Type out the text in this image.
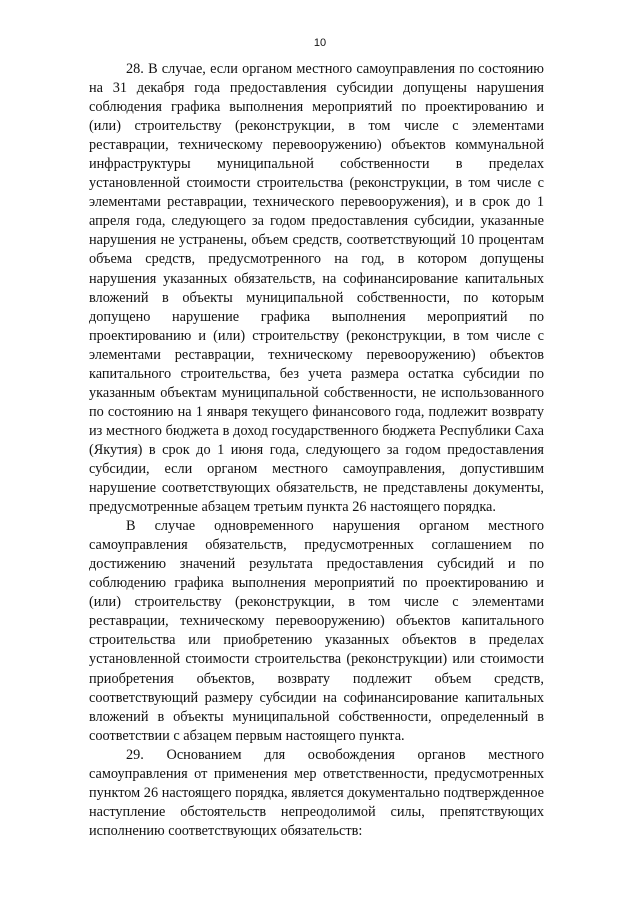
10

28. В случае, если органом местного самоуправления по состоянию на 31 декабря года предоставления субсидии допущены нарушения соблюдения графика выполнения мероприятий по проектированию и (или) строительству (реконструкции, в том числе с элементами реставрации, техническому перевооружению) объектов коммунальной инфраструктуры муниципальной собственности в пределах установленной стоимости строительства (реконструкции, в том числе с элементами реставрации, технического перевооружения), и в срок до 1 апреля года, следующего за годом предоставления субсидии, указанные нарушения не устранены, объем средств, соответствующий 10 процентам объема средств, предусмотренного на год, в котором допущены нарушения указанных обязательств, на софинансирование капитальных вложений в объекты муниципальной собственности, по которым допущено нарушение графика выполнения мероприятий по проектированию и (или) строительству (реконструкции, в том числе с элементами реставрации, техническому перевооружению) объектов капитального строительства, без учета размера остатка субсидии по указанным объектам муниципальной собственности, не использованного по состоянию на 1 января текущего финансового года, подлежит возврату из местного бюджета в доход государственного бюджета Республики Саха (Якутия) в срок до 1 июня года, следующего за годом предоставления субсидии, если органом местного самоуправления, допустившим нарушение соответствующих обязательств, не представлены документы, предусмотренные абзацем третьим пункта 26 настоящего порядка.

В случае одновременного нарушения органом местного самоуправления обязательств, предусмотренных соглашением по достижению значений результата предоставления субсидий и по соблюдению графика выполнения мероприятий по проектированию и (или) строительству (реконструкции, в том числе с элементами реставрации, техническому перевооружению) объектов капитального строительства или приобретению указанных объектов в пределах установленной стоимости строительства (реконструкции) или стоимости приобретения объектов, возврату подлежит объем средств, соответствующий размеру субсидии на софинансирование капитальных вложений в объекты муниципальной собственности, определенный в соответствии с абзацем первым настоящего пункта.

29. Основанием для освобождения органов местного самоуправления от применения мер ответственности, предусмотренных пунктом 26 настоящего порядка, является документально подтвержденное наступление обстоятельств непреодолимой силы, препятствующих исполнению соответствующих обязательств:
